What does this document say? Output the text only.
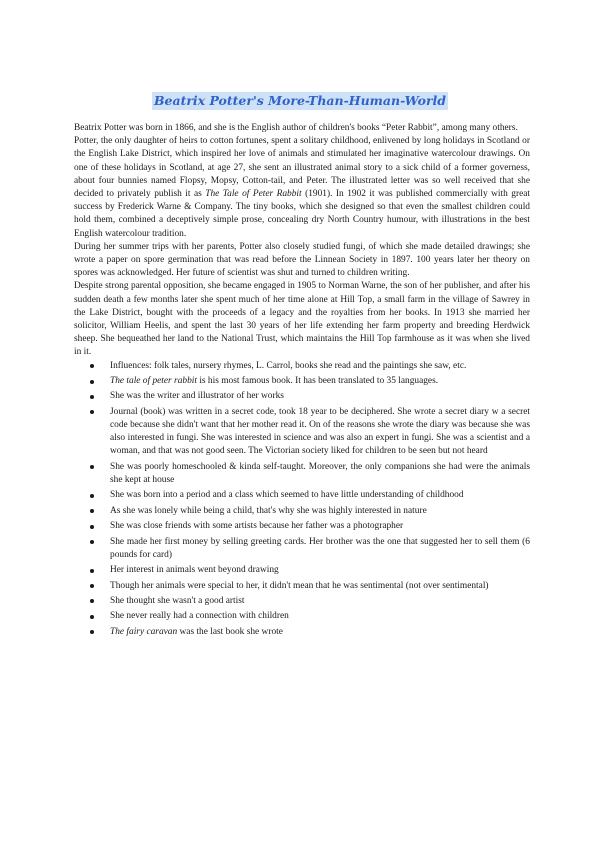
Beatrix Potter's More-Than-Human-World

Beatrix Potter was born in 1866, and she is the English author of children's books “Peter Rabbit”, among many others.

Potter, the only daughter of heirs to cotton fortunes, spent a solitary childhood, enlivened by long holidays in Scotland or the English Lake District, which inspired her love of animals and stimulated her imaginative watercolour drawings. On one of these holidays in Scotland, at age 27, she sent an illustrated animal story to a sick child of a former governess, about four bunnies named Flopsy, Mopsy, Cotton-tail, and Peter. The illustrated letter was so well received that she decided to privately publish it as The Tale of Peter Rabbit (1901). In 1902 it was published commercially with great success by Frederick Warne & Company. The tiny books, which she designed so that even the smallest children could hold them, combined a deceptively simple prose, concealing dry North Country humour, with illustrations in the best English watercolour tradition.

During her summer trips with her parents, Potter also closely studied fungi, of which she made detailed drawings; she wrote a paper on spore germination that was read before the Linnean Society in 1897. 100 years later her theory on spores was acknowledged. Her future of scientist was shut and turned to children writing.

Despite strong parental opposition, she became engaged in 1905 to Norman Warne, the son of her publisher, and after his sudden death a few months later she spent much of her time alone at Hill Top, a small farm in the village of Sawrey in the Lake District, bought with the proceeds of a legacy and the royalties from her books. In 1913 she married her solicitor, William Heelis, and spent the last 30 years of her life extending her farm property and breeding Herdwick sheep. She bequeathed her land to the National Trust, which maintains the Hill Top farmhouse as it was when she lived in it.

Influences: folk tales, nursery rhymes, L. Carrol, books she read and the paintings she saw, etc.
The tale of peter rabbit is his most famous book. It has been translated to 35 languages.
She was the writer and illustrator of her works
Journal (book) was written in a secret code, took 18 year to be deciphered. She wrote a secret diary w a secret code because she didn't want that her mother read it. On of the reasons she wrote the diary was because she was also interested in fungi. She was interested in science and was also an expert in fungi. She was a scientist and a woman, and that was not good seen. The Victorian society liked for children to be seen but not heard
She was poorly homeschooled & kinda self-taught. Moreover, the only companions she had were the animals she kept at house
She was born into a period and a class which seemed to have little understanding of childhood
As she was lonely while being a child, that's why she was highly interested in nature
She was close friends with some artists because her father was a photographer
She made her first money by selling greeting cards. Her brother was the one that suggested her to sell them (6 pounds for card)
Her interest in animals went beyond drawing
Though her animals were special to her, it didn't mean that he was sentimental (not over sentimental)
She thought she wasn't a good artist
She never really had a connection with children
The fairy caravan was the last book she wrote
